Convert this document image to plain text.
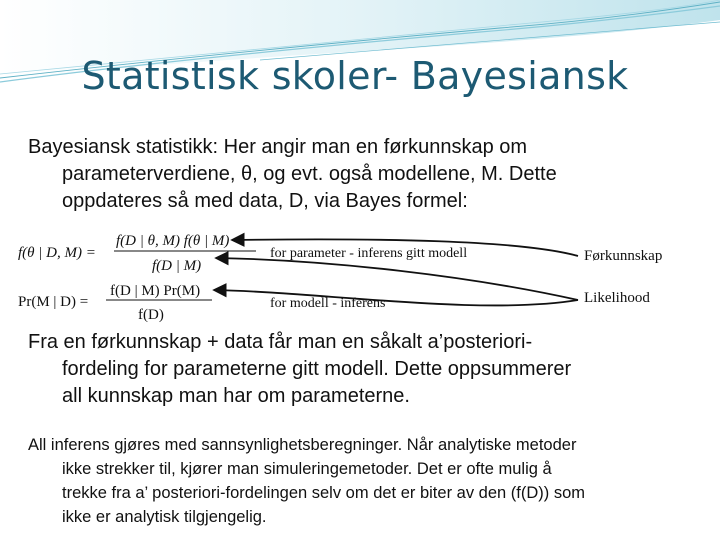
Statistisk skoler- Bayesiansk
Bayesiansk statistikk: Her angir man en førkunnskap om
parameterverdiene, θ, og evt. også modellene, M. Dette
oppdateres så med data, D, via Bayes formel:
f(θ | D, M) =
f(D | θ, M) f(θ | M)
f(D | M)
for parameter - inferens gitt modell
Pr(M | D) =
f(D | M) Pr(M)
f(D)
for modell - inferens
Førkunnskap
Likelihood
Fra en førkunnskap + data får man en såkalt a’posteriori-
fordeling for parameterne gitt modell. Dette oppsummerer
all kunnskap man har om parameterne.
All inferens gjøres med sannsynlighetsberegninger. Når analytiske metoder
ikke strekker til, kjører man simuleringemetoder. Det er ofte mulig å
trekke fra a’ posteriori-fordelingen selv om det er biter av den (f(D)) som
ikke er analytisk tilgjengelig.
